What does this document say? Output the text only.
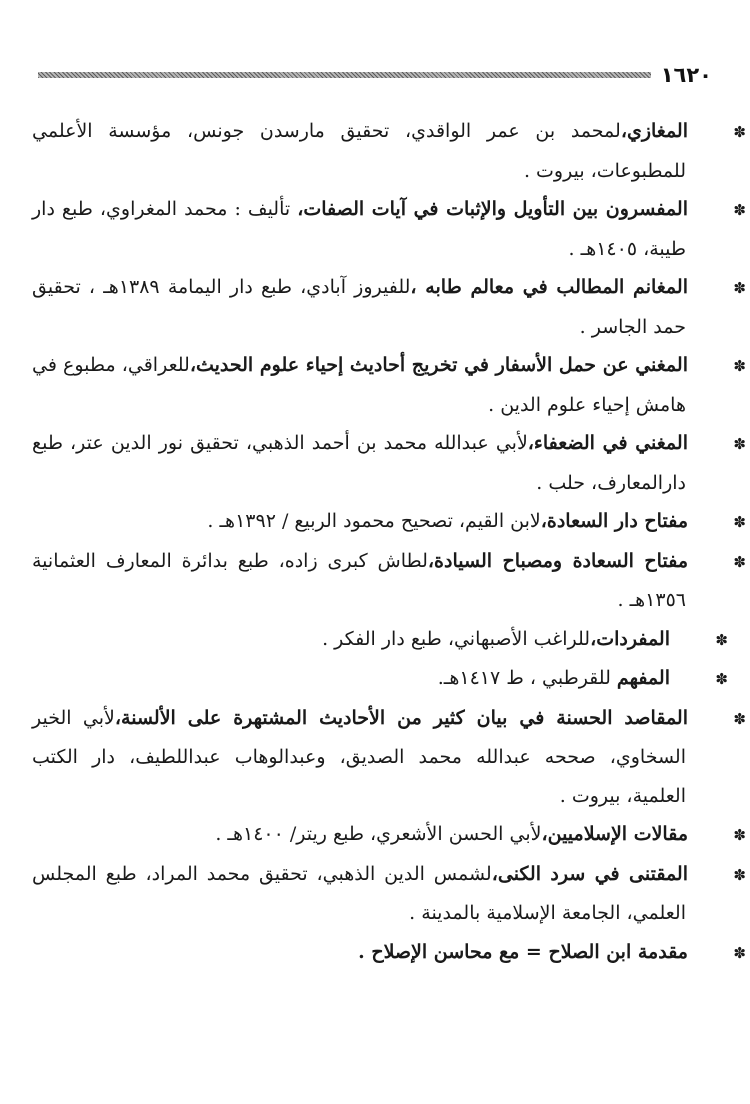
١٦٢٠

✽المغازي،لمحمد بن عمر الواقدي، تحقيق مارسدن جونس، مؤسسة الأعلمي للمطبوعات، بيروت .

✽المفسرون بين التأويل والإثبات في آيات الصفات، تأليف : محمد المغراوي، طبع دار طيبة، ١٤٠٥هـ .

✽المغانم المطالب في معالم طابه ،للفيروز آبادي، طبع دار اليمامة ١٣٨٩هـ ، تحقيق حمد الجاسر .

✽المغني عن حمل الأسفار في تخريج أحاديث إحياء علوم الحديث،للعراقي، مطبوع في هامش إحياء علوم الدين .

✽المغني في الضعفاء،لأبي عبدالله محمد بن أحمد الذهبي، تحقيق نور الدين عتر، طبع دارالمعارف، حلب .

✽مفتاح دار السعادة،لابن القيم، تصحيح محمود الربيع / ١٣٩٢هـ .

✽مفتاح السعادة ومصباح السيادة،لطاش كبرى زاده، طبع بدائرة المعارف العثمانية ١٣٥٦هـ .

✽المفردات،للراغب الأصبهاني، طبع دار الفكر .

✽المفهم للقرطبي ، ط ١٤١٧هـ.

✽المقاصد الحسنة في بيان كثير من الأحاديث المشتهرة على الألسنة،لأبي الخير السخاوي، صححه عبدالله محمد الصديق، وعبدالوهاب عبداللطيف، دار الكتب العلمية، بيروت .

✽مقالات الإسلاميين،لأبي الحسن الأشعري، طبع ريتر/ ١٤٠٠هـ .

✽المقتنى في سرد الكنى،لشمس الدين الذهبي، تحقيق محمد المراد، طبع المجلس العلمي، الجامعة الإسلامية بالمدينة .

✽مقدمة ابن الصلاح = مع محاسن الإصلاح .
